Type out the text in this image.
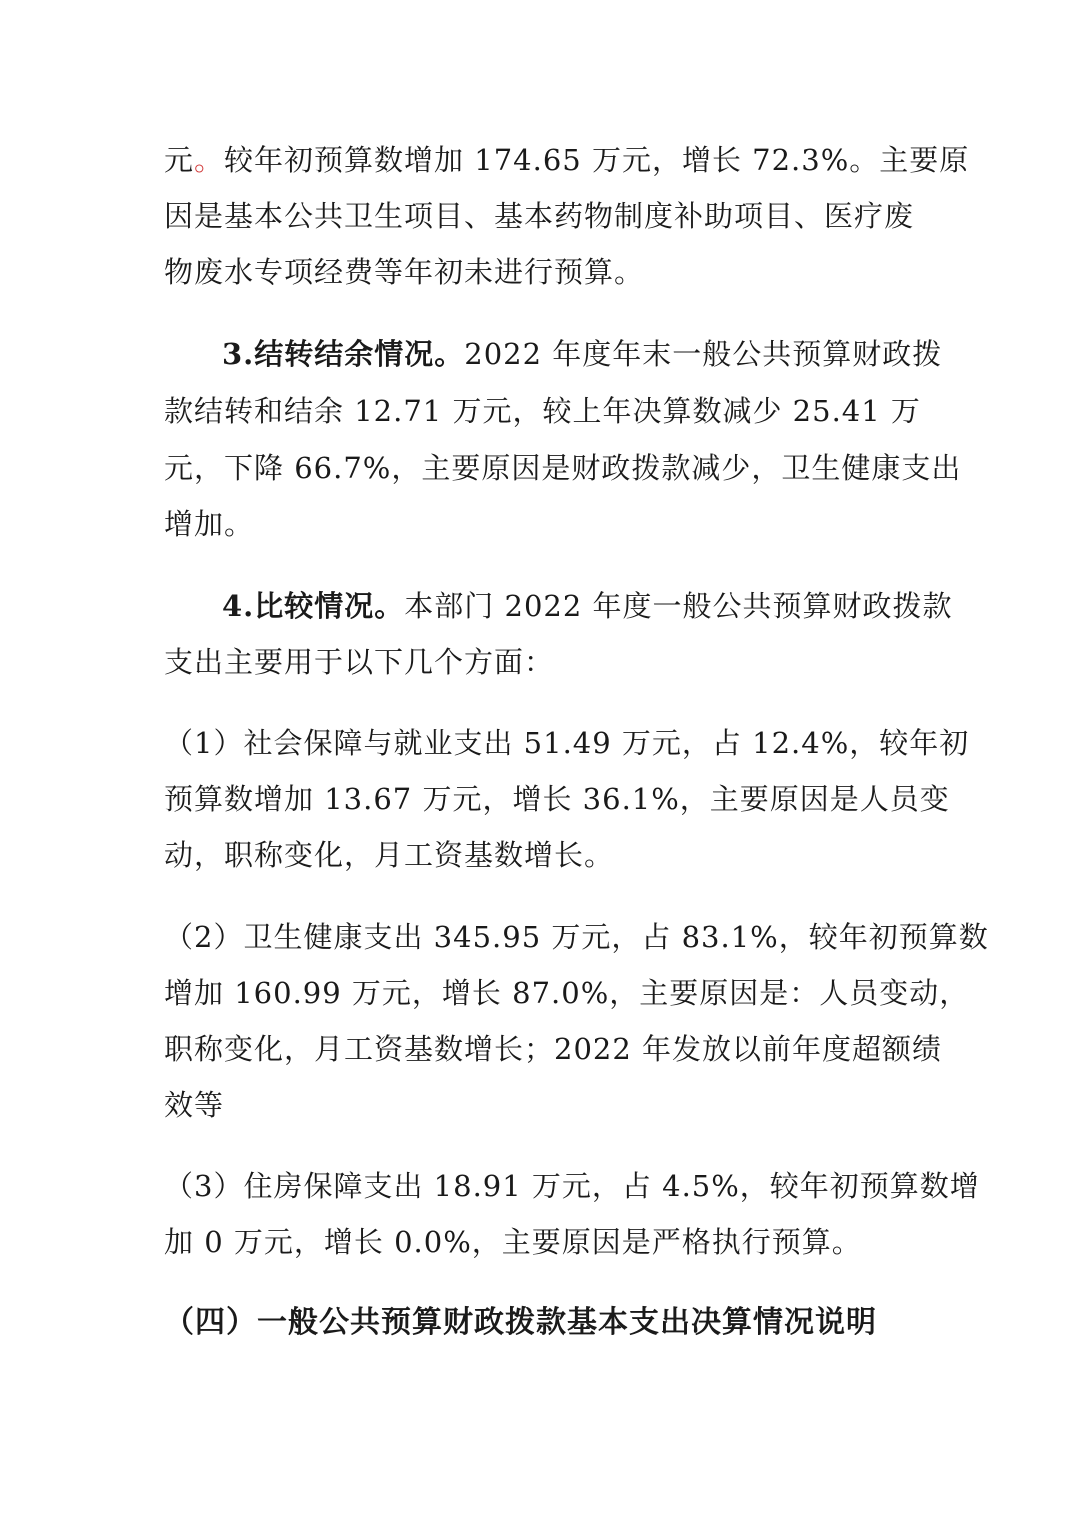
元。较年初预算数增加 174.65 万元，增长 72.3%。主要原
因是基本公共卫生项目、基本药物制度补助项目、医疗废
物废水专项经费等年初未进行预算。
3.结转结余情况。2022 年度年末一般公共预算财政拨
款结转和结余 12.71 万元，较上年决算数减少 25.41 万
元，下降 66.7%，主要原因是财政拨款减少，卫生健康支出
增加。
4.比较情况。本部门 2022 年度一般公共预算财政拨款
支出主要用于以下几个方面：
（1）社会保障与就业支出 51.49 万元，占 12.4%，较年初
预算数增加 13.67 万元，增长 36.1%，主要原因是人员变
动，职称变化，月工资基数增长。
（2）卫生健康支出 345.95 万元，占 83.1%，较年初预算数
增加 160.99 万元，增长 87.0%，主要原因是：人员变动，
职称变化，月工资基数增长；2022 年发放以前年度超额绩
效等
（3）住房保障支出 18.91 万元，占 4.5%，较年初预算数增
加 0 万元，增长 0.0%，主要原因是严格执行预算。
（四）一般公共预算财政拨款基本支出决算情况说明
